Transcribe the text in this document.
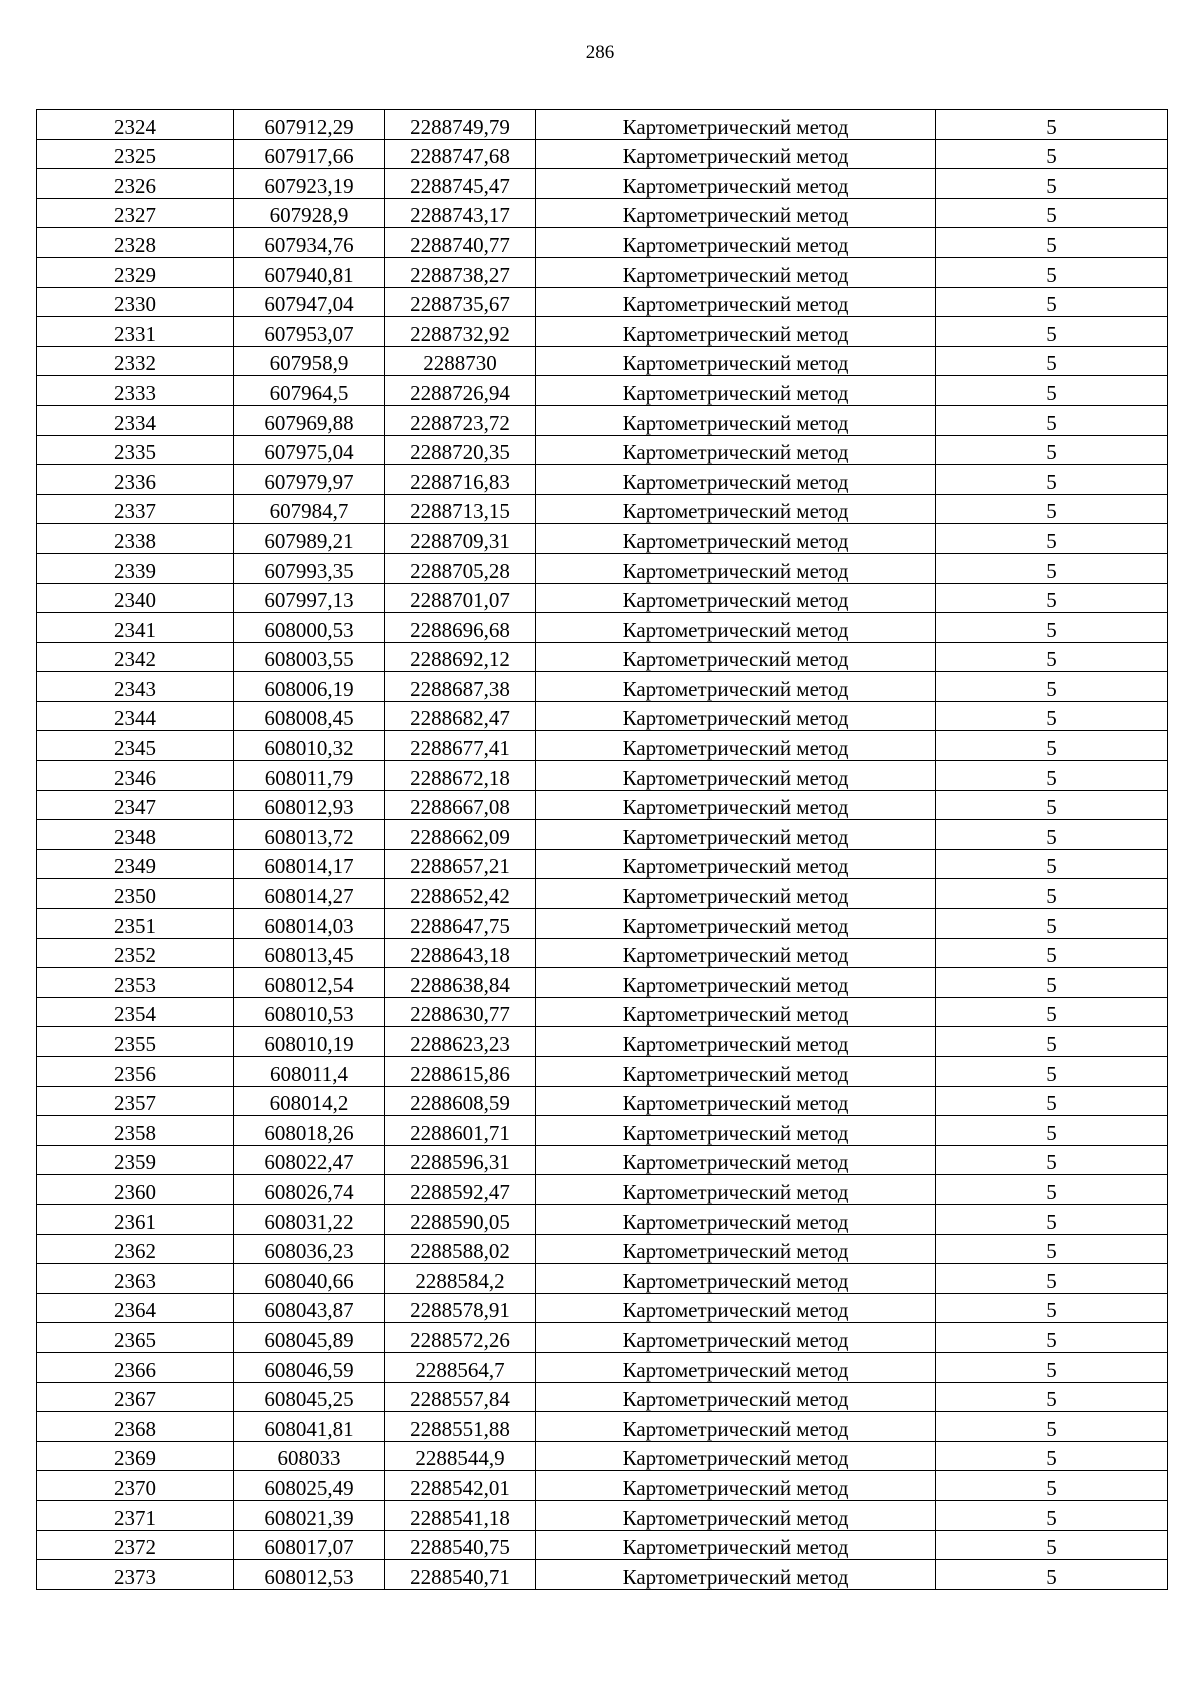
286
2324	607912,29	2288749,79	Картометрический метод	5
2325	607917,66	2288747,68	Картометрический метод	5
2326	607923,19	2288745,47	Картометрический метод	5
2327	607928,9	2288743,17	Картометрический метод	5
2328	607934,76	2288740,77	Картометрический метод	5
2329	607940,81	2288738,27	Картометрический метод	5
2330	607947,04	2288735,67	Картометрический метод	5
2331	607953,07	2288732,92	Картометрический метод	5
2332	607958,9	2288730	Картометрический метод	5
2333	607964,5	2288726,94	Картометрический метод	5
2334	607969,88	2288723,72	Картометрический метод	5
2335	607975,04	2288720,35	Картометрический метод	5
2336	607979,97	2288716,83	Картометрический метод	5
2337	607984,7	2288713,15	Картометрический метод	5
2338	607989,21	2288709,31	Картометрический метод	5
2339	607993,35	2288705,28	Картометрический метод	5
2340	607997,13	2288701,07	Картометрический метод	5
2341	608000,53	2288696,68	Картометрический метод	5
2342	608003,55	2288692,12	Картометрический метод	5
2343	608006,19	2288687,38	Картометрический метод	5
2344	608008,45	2288682,47	Картометрический метод	5
2345	608010,32	2288677,41	Картометрический метод	5
2346	608011,79	2288672,18	Картометрический метод	5
2347	608012,93	2288667,08	Картометрический метод	5
2348	608013,72	2288662,09	Картометрический метод	5
2349	608014,17	2288657,21	Картометрический метод	5
2350	608014,27	2288652,42	Картометрический метод	5
2351	608014,03	2288647,75	Картометрический метод	5
2352	608013,45	2288643,18	Картометрический метод	5
2353	608012,54	2288638,84	Картометрический метод	5
2354	608010,53	2288630,77	Картометрический метод	5
2355	608010,19	2288623,23	Картометрический метод	5
2356	608011,4	2288615,86	Картометрический метод	5
2357	608014,2	2288608,59	Картометрический метод	5
2358	608018,26	2288601,71	Картометрический метод	5
2359	608022,47	2288596,31	Картометрический метод	5
2360	608026,74	2288592,47	Картометрический метод	5
2361	608031,22	2288590,05	Картометрический метод	5
2362	608036,23	2288588,02	Картометрический метод	5
2363	608040,66	2288584,2	Картометрический метод	5
2364	608043,87	2288578,91	Картометрический метод	5
2365	608045,89	2288572,26	Картометрический метод	5
2366	608046,59	2288564,7	Картометрический метод	5
2367	608045,25	2288557,84	Картометрический метод	5
2368	608041,81	2288551,88	Картометрический метод	5
2369	608033	2288544,9	Картометрический метод	5
2370	608025,49	2288542,01	Картометрический метод	5
2371	608021,39	2288541,18	Картометрический метод	5
2372	608017,07	2288540,75	Картометрический метод	5
2373	608012,53	2288540,71	Картометрический метод	5
